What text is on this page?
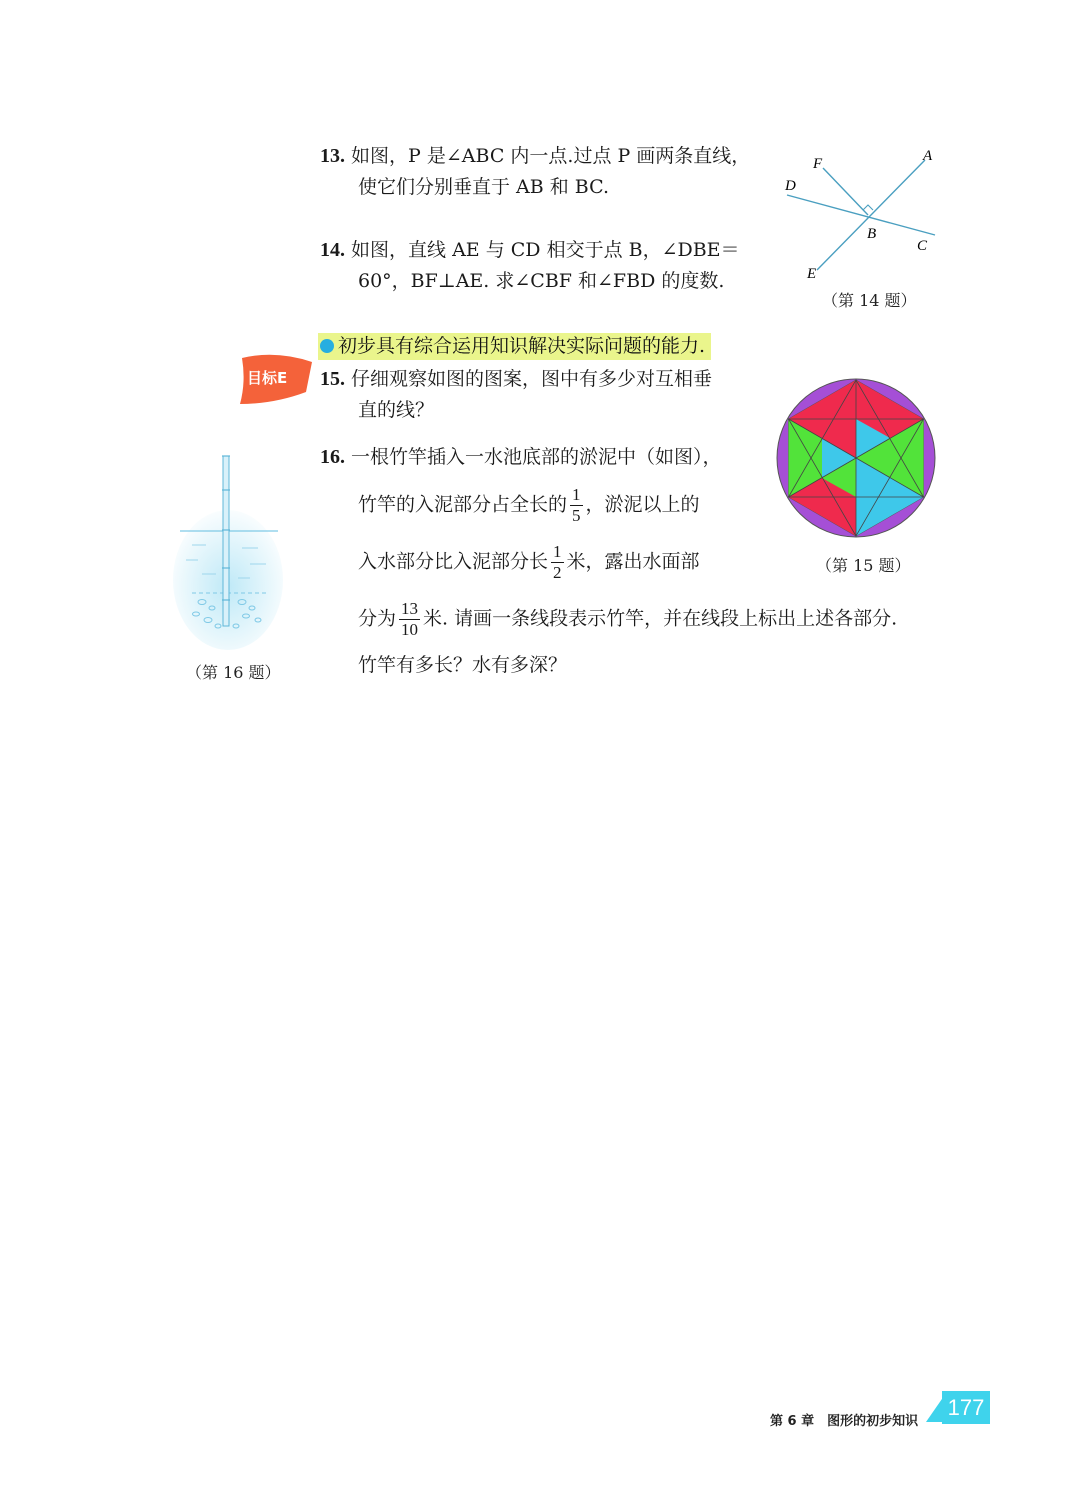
13. 如图，P 是∠ABC 内一点.过点 P 画两条直线，
使它们分别垂直于 AB 和 BC.
14. 如图，直线 AE 与 CD 相交于点 B，∠DBE＝
60°，BF⊥AE. 求∠CBF 和∠FBD 的度数.
F	A
D
B
C
E
（第 14 题）
目标E
初步具有综合运用知识解决实际问题的能力.
15. 仔细观察如图的图案，图中有多少对互相垂
直的线？
（第 15 题）
16. 一根竹竿插入一水池底部的淤泥中（如图），
竹竿的入泥部分占全长的 $\frac{1}{5}$ ，淤泥以上的
入水部分比入泥部分长 $\frac{1}{2}$ 米，露出水面部
分为 $\frac{13}{10}$ 米. 请画一条线段表示竹竿，并在线段上标出上述各部分.
竹竿有多长？水有多深？
（第 16 题）
第 6 章　图形的初步知识
177
